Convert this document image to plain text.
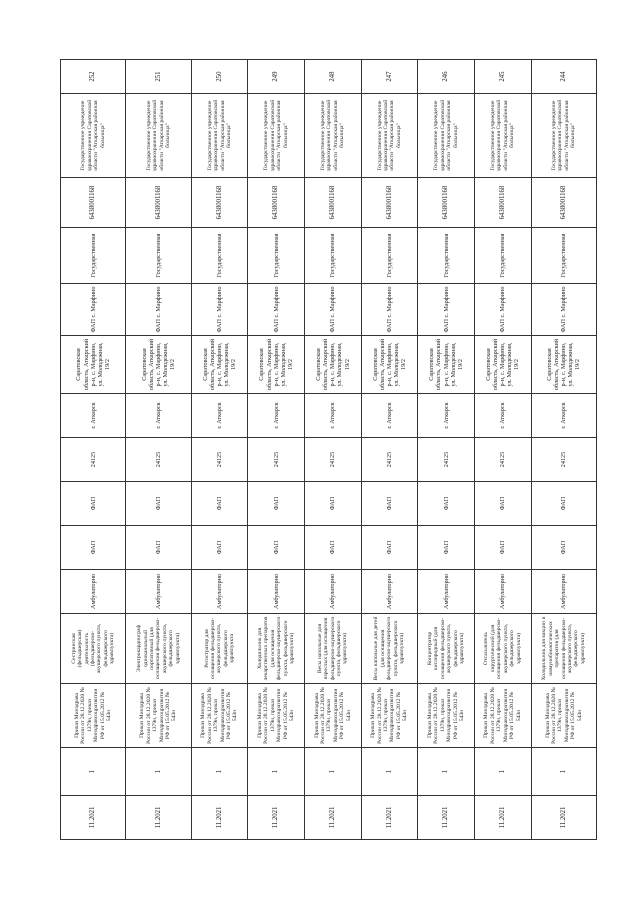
11.2021	1	Приказ Минздрава России от 28.12.2020 № 1379н, приказ Минздравсоцразвития РФ от 15.05.2012 № 543н	Сестринская (фельдшерская) деятельность (фельдшерско-акушерского пункта, фельдшерского здравпункта)	Амбулаторно	ФАП	ФАП	24125	г. Аткарск	Саратовская область, Аткарский р-н, с. Марфино, ул. Молодежная, 19/2	ФАП с. Марфино	Государственная	6438001168	Государственное учреждение здравоохранения Саратовской области "Аткарская районная больница"	252
11.2021	1	Приказ Минздрава России от 28.12.2020 № 1379н, приказ Минздравсоцразвития РФ от 15.05.2012 № 543н	Электрокардиограф одноканальный портативный (для оснащения фельдшерско-акушерского пункта, фельдшерского здравпункта)	Амбулаторно	ФАП	ФАП	24125	г. Аткарск	Саратовская область, Аткарский р-н, с. Марфино, ул. Молодежная, 19/2	ФАП с. Марфино	Государственная	6438001168	Государственное учреждение здравоохранения Саратовской области "Аткарская районная больница"	251
11.2021	1	Приказ Минздрава России от 28.12.2020 № 1379н, приказ Минздравсоцразвития РФ от 15.05.2012 № 543н	Регистратор для оснащения фельдшерско-акушерского пункта, фельдшерского здравпункта	Амбулаторно	ФАП	ФАП	24125	г. Аткарск	Саратовская область, Аткарский р-н, с. Марфино, ул. Молодежная, 19/2	ФАП с. Марфино	Государственная	6438001168	Государственное учреждение здравоохранения Саратовской области "Аткарская районная больница"	250
11.2021	1	Приказ Минздрава России от 28.12.2020 № 1379н, приказ Минздравсоцразвития РФ от 15.05.2012 № 543н	Холодильник для лекарственных препаратов (для оснащения фельдшерско-акушерского пункта, фельдшерского здравпункта)	Амбулаторно	ФАП	ФАП	24125	г. Аткарск	Саратовская область, Аткарский р-н, с. Марфино, ул. Молодежная, 19/2	ФАП с. Марфино	Государственная	6438001168	Государственное учреждение здравоохранения Саратовской области "Аткарская районная больница"	249
11.2021	1	Приказ Минздрава России от 28.12.2020 № 1379н, приказ Минздравсоцразвития РФ от 15.05.2012 № 543н	Весы напольные для взрослых (для оснащения фельдшерско-акушерского пункта, фельдшерского здравпункта)	Амбулаторно	ФАП	ФАП	24125	г. Аткарск	Саратовская область, Аткарский р-н, с. Марфино, ул. Молодежная, 19/2	ФАП с. Марфино	Государственная	6438001168	Государственное учреждение здравоохранения Саратовской области "Аткарская районная больница"	248
11.2021	1	Приказ Минздрава России от 28.12.2020 № 1379н, приказ Минздравсоцразвития РФ от 15.05.2012 № 543н	Весы напольные для детей (для оснащения фельдшерско-акушерского пункта, фельдшерского здравпункта)	Амбулаторно	ФАП	ФАП	24125	г. Аткарск	Саратовская область, Аткарский р-н, с. Марфино, ул. Молодежная, 19/2	ФАП с. Марфино	Государственная	6438001168	Государственное учреждение здравоохранения Саратовской области "Аткарская районная больница"	247
11.2021	1	Приказ Минздрава России от 28.12.2020 № 1379н, приказ Минздравсоцразвития РФ от 15.05.2012 № 543н	Концентратор кислородный (для оснащения фельдшерско-акушерского пункта, фельдшерского здравпункта)	Амбулаторно	ФАП	ФАП	24125	г. Аткарск	Саратовская область, Аткарский р-н, с. Марфино, ул. Молодежная, 19/2	ФАП с. Марфино	Государственная	6438001168	Государственное учреждение здравоохранения Саратовской области "Аткарская районная больница"	246
11.2021	1	Приказ Минздрава России от 28.12.2020 № 1379н, приказ Минздравсоцразвития РФ от 15.05.2012 № 543н	Отсасыватель хирургический (для оснащения фельдшерско-акушерского пункта, фельдшерского здравпункта)	Амбулаторно	ФАП	ФАП	24125	г. Аткарск	Саратовская область, Аткарский р-н, с. Марфино, ул. Молодежная, 19/2	ФАП с. Марфино	Государственная	6438001168	Государственное учреждение здравоохранения Саратовской области "Аткарская районная больница"	245
11.2021	1	Приказ Минздрава России от 28.12.2020 № 1379н, приказ Минздравсоцразвития РФ от 15.05.2012 № 543н	Холодильник для вакцин и иммунобиологических препаратов (для оснащения фельдшерско-акушерского пункта, фельдшерского здравпункта)	Амбулаторно	ФАП	ФАП	24125	г. Аткарск	Саратовская область, Аткарский р-н, с. Марфино, ул. Молодежная, 19/2	ФАП с. Марфино	Государственная	6438001168	Государственное учреждение здравоохранения Саратовской области "Аткарская районная больница"	244
